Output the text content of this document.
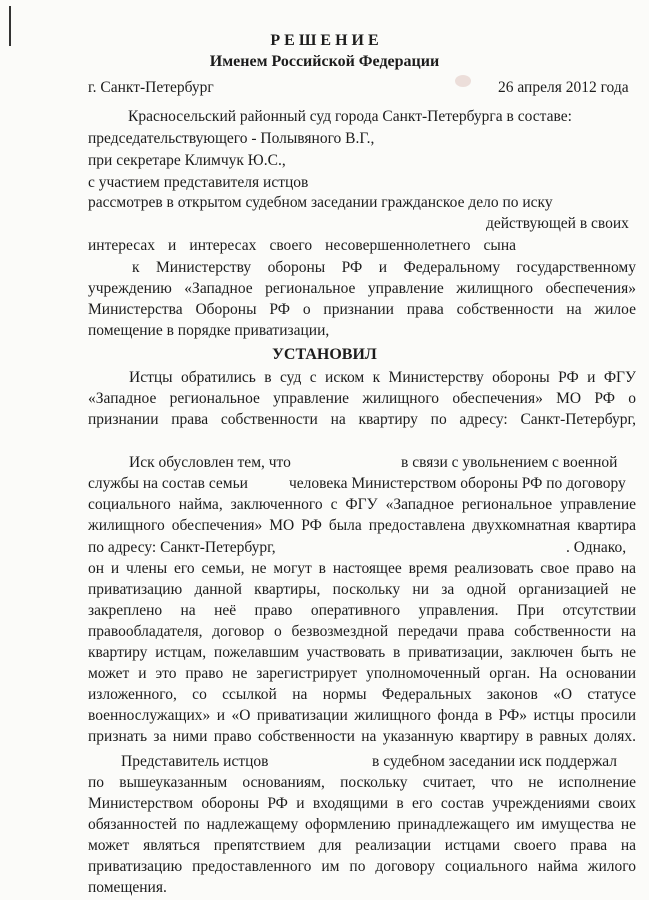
Р Е Ш Е Н И Е
Именем Российской Федерации
г. Санкт-Петербург	26 апреля 2012 года
Красносельский районный суд города Санкт-Петербурга в составе:
председательствующего - Полывяного В.Г.,
при секретаре Климчук Ю.С.,
с участием представителя истцов
рассмотрев в открытом судебном заседании гражданское дело по иску
действующей в своих
интересах и интересах своего несовершеннолетнего сына
к Министерству обороны РФ и Федеральному государственному
учреждению «Западное региональное управление жилищного обеспечения»
Министерства Обороны РФ о признании права собственности на жилое
помещение в порядке приватизации,
УСТАНОВИЛ
Истцы обратились в суд с иском к Министерству обороны РФ и ФГУ
«Западное региональное управление жилищного обеспечения» МО РФ о
признании права собственности на квартиру по адресу: Санкт-Петербург,
Иск обусловлен тем, что	в связи с увольнением с военной
службы на состав семьи	человека Министерством обороны РФ по договору
социального найма, заключенного с ФГУ «Западное региональное управление
жилищного обеспечения» МО РФ была предоставлена двухкомнатная квартира
по адресу: Санкт-Петербург,	. Однако,
он и члены его семьи, не могут в настоящее время реализовать свое право на
приватизацию данной квартиры, поскольку ни за одной организацией не
закреплено на неё право оперативного управления. При отсутствии
правообладателя, договор о безвозмездной передачи права собственности на
квартиру истцам, пожелавшим участвовать в приватизации, заключен быть не
может и это право не зарегистрирует уполномоченный орган. На основании
изложенного, со ссылкой на нормы Федеральных законов «О статусе
военнослужащих» и «О приватизации жилищного фонда в РФ» истцы просили
признать за ними право собственности на указанную квартиру в равных долях.
Представитель истцов	в судебном заседании иск поддержал
по вышеуказанным основаниям, поскольку считает, что не исполнение
Министерством обороны РФ и входящими в его состав учреждениями своих
обязанностей по надлежащему оформлению принадлежащего им имущества не
может являться препятствием для реализации истцами своего права на
приватизацию предоставленного им по договору социального найма жилого
помещения.
